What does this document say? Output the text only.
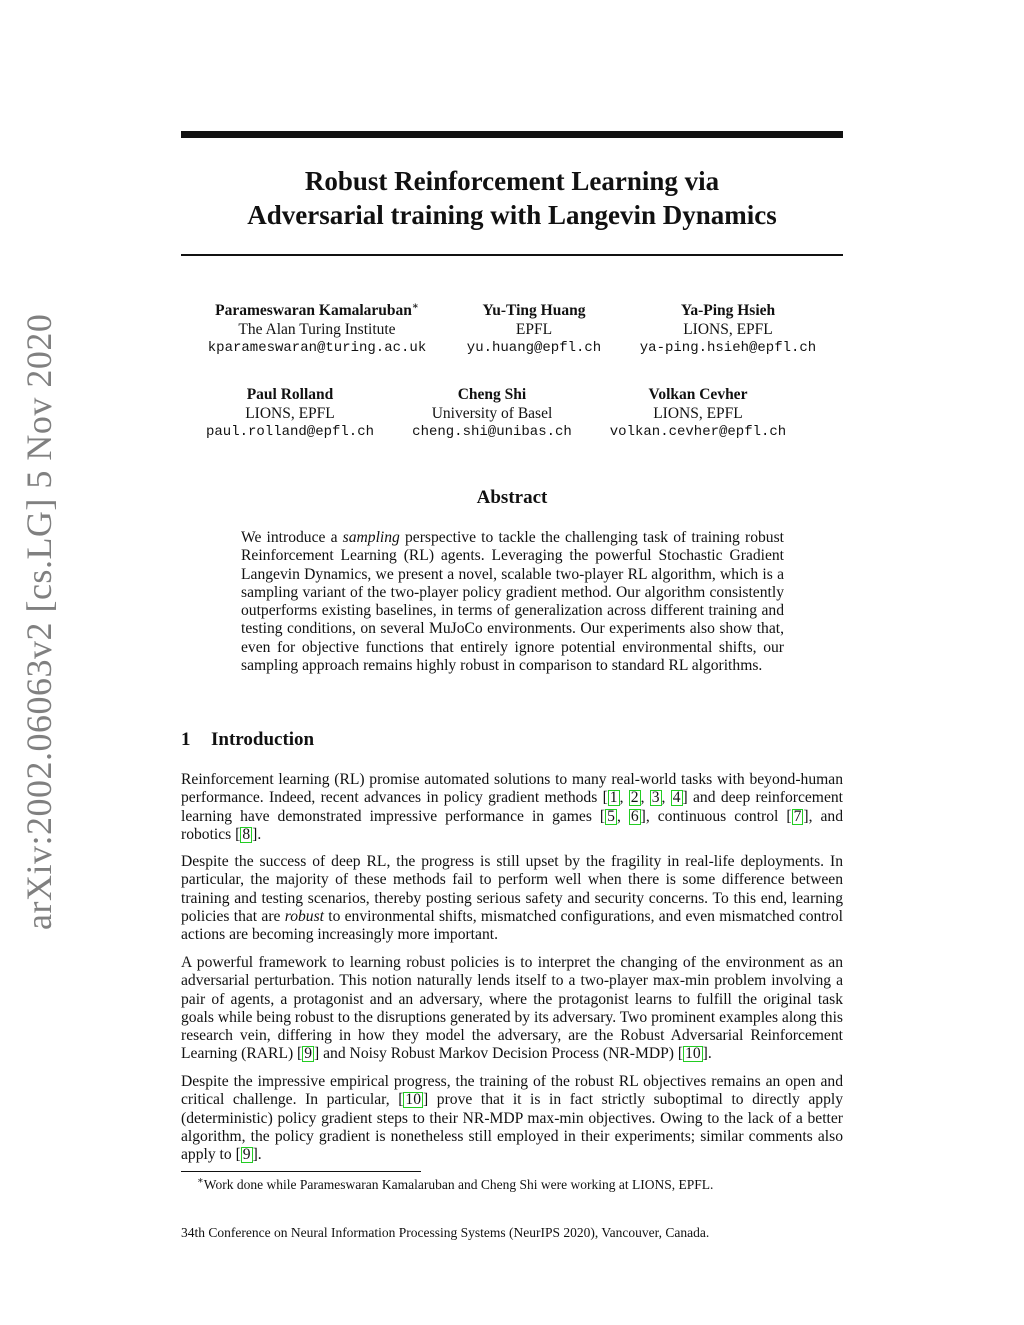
arXiv:2002.06063v2 [cs.LG] 5 Nov 2020
Robust Reinforcement Learning via
Adversarial training with Langevin Dynamics
Parameswaran Kamalaruban∗
The Alan Turing Institute
kparameswaran@turing.ac.uk
Yu-Ting Huang
EPFL
yu.huang@epfl.ch
Ya-Ping Hsieh
LIONS, EPFL
ya-ping.hsieh@epfl.ch
Paul Rolland
LIONS, EPFL
paul.rolland@epfl.ch
Cheng Shi
University of Basel
cheng.shi@unibas.ch
Volkan Cevher
LIONS, EPFL
volkan.cevher@epfl.ch
Abstract
We introduce a sampling perspective to tackle the challenging task of training robust Reinforcement Learning (RL) agents. Leveraging the powerful Stochastic Gradient Langevin Dynamics, we present a novel, scalable two-player RL algorithm, which is a sampling variant of the two-player policy gradient method. Our algorithm consistently outperforms existing baselines, in terms of generalization across different training and testing conditions, on several MuJoCo environments. Our experiments also show that, even for objective functions that entirely ignore potential environmental shifts, our sampling approach remains highly robust in comparison to standard RL algorithms.
1 Introduction

Reinforcement learning (RL) promise automated solutions to many real-world tasks with beyond-human performance. Indeed, recent advances in policy gradient methods [ 1 , 2 , 3 , 4 ] and deep reinforcement learning have demonstrated impressive performance in games [ 5 , 6 ], continuous control [ 7 ], and robotics [ 8 ].

Despite the success of deep RL, the progress is still upset by the fragility in real-life deployments. In particular, the majority of these methods fail to perform well when there is some difference between training and testing scenarios, thereby posting serious safety and security concerns. To this end, learning policies that are robust to environmental shifts, mismatched configurations, and even mismatched control actions are becoming increasingly more important.

A powerful framework to learning robust policies is to interpret the changing of the environment as an adversarial perturbation. This notion naturally lends itself to a two-player max-min problem involving a pair of agents, a protagonist and an adversary, where the protagonist learns to fulfill the original task goals while being robust to the disruptions generated by its adversary. Two prominent examples along this research vein, differing in how they model the adversary, are the Robust Adversarial Reinforcement Learning (RARL) [ 9 ] and Noisy Robust Markov Decision Process (NR-MDP) [ 10 ].

Despite the impressive empirical progress, the training of the robust RL objectives remains an open and critical challenge. In particular, [ 10 ] prove that it is in fact strictly suboptimal to directly apply (deterministic) policy gradient steps to their NR-MDP max-min objectives. Owing to the lack of a better algorithm, the policy gradient is nonetheless still employed in their experiments; similar comments also apply to [ 9 ].

∗Work done while Parameswaran Kamalaruban and Cheng Shi were working at LIONS, EPFL.
34th Conference on Neural Information Processing Systems (NeurIPS 2020), Vancouver, Canada.
